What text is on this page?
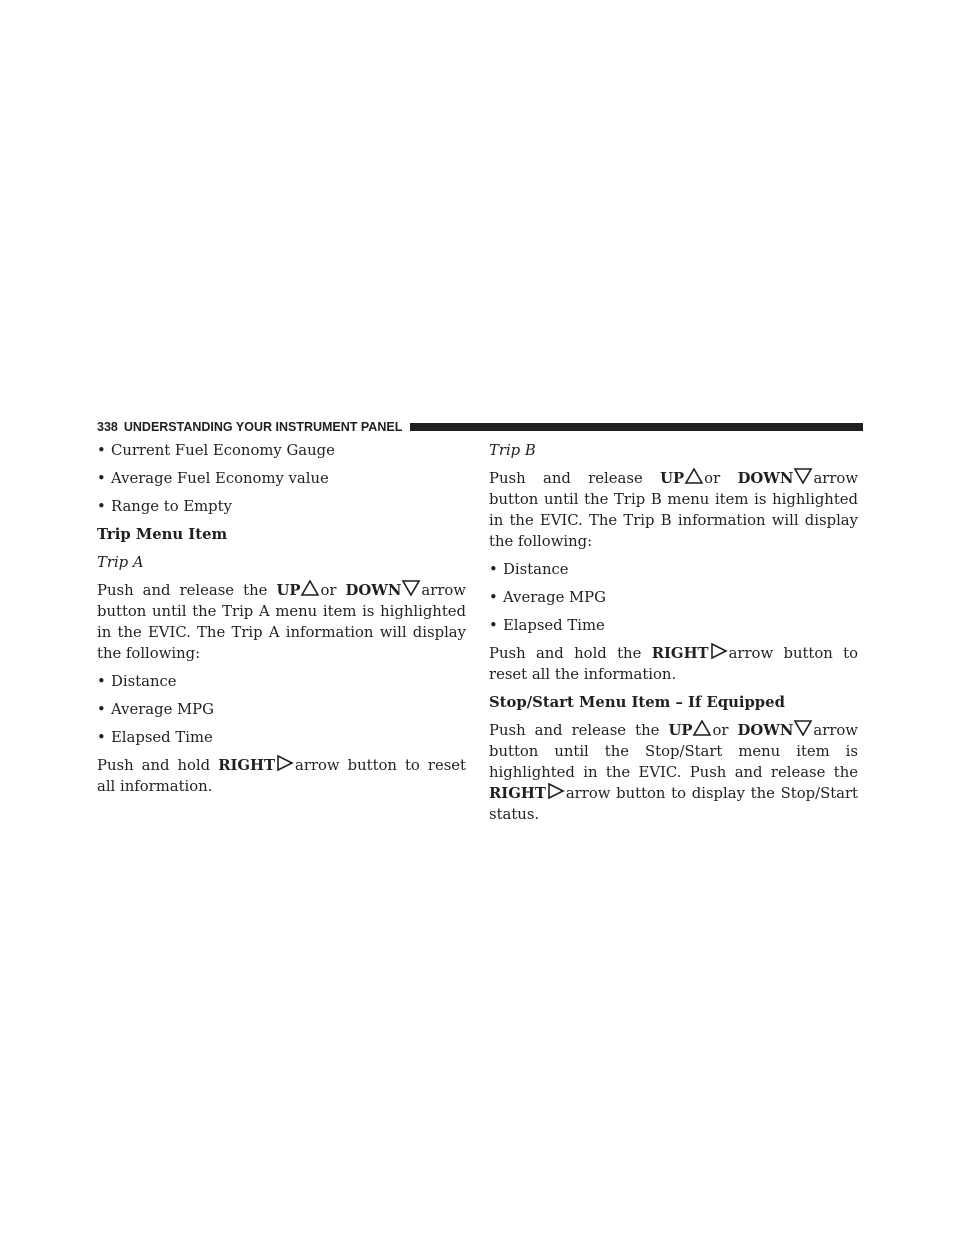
338 UNDERSTANDING YOUR INSTRUMENT PANEL
• Current Fuel Economy Gauge
• Average Fuel Economy value
• Range to Empty
Trip Menu Item
Trip A
Push and release the UP or DOWN arrow button until the Trip A menu item is highlighted in the EVIC. The Trip A information will display the following:
• Distance
• Average MPG
• Elapsed Time
Push and hold RIGHT arrow button to reset all information.
Trip B
Push and release UP or DOWN arrow button until the Trip B menu item is highlighted in the EVIC. The Trip B information will display the following:
• Distance
• Average MPG
• Elapsed Time
Push and hold the RIGHT arrow button to reset all the information.
Stop/Start Menu Item – If Equipped
Push and release the UP or DOWN arrow button until the Stop/Start menu item is highlighted in the EVIC. Push and release the RIGHT arrow button to display the Stop/Start status.
